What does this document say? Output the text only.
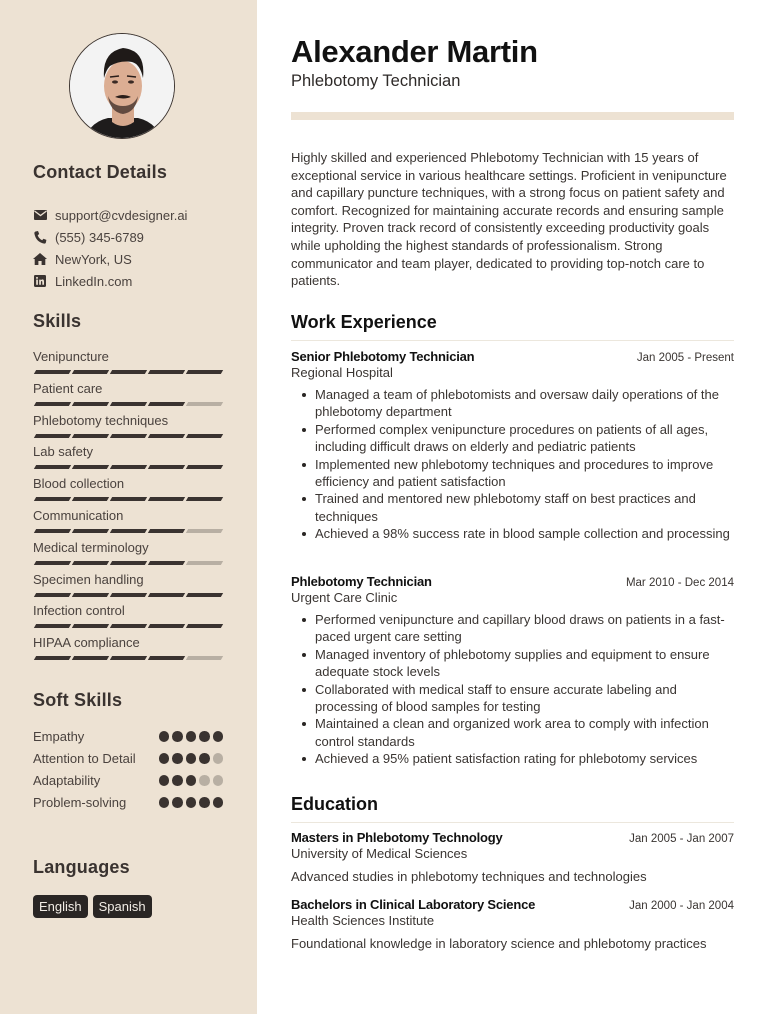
Contact Details
support@cvdesigner.ai
(555) 345-6789
NewYork, US
LinkedIn.com
Skills
Venipuncture
Patient care
Phlebotomy techniques
Lab safety
Blood collection
Communication
Medical terminology
Specimen handling
Infection control
HIPAA compliance
Soft Skills
Empathy
Attention to Detail
Adaptability
Problem-solving
Languages
English	Spanish
Alexander Martin
Phlebotomy Technician

Highly skilled and experienced Phlebotomy Technician with 15 years of exceptional service in various healthcare settings. Proficient in venipuncture and capillary puncture techniques, with a strong focus on patient safety and comfort. Recognized for maintaining accurate records and ensuring sample integrity. Proven track record of consistently exceeding productivity goals while upholding the highest standards of professionalism. Strong communicator and team player, dedicated to providing top-notch care to patients.

Work Experience
Senior Phlebotomy Technician	Jan 2005 - Present
Regional Hospital
Managed a team of phlebotomists and oversaw daily operations of the phlebotomy department
Performed complex venipuncture procedures on patients of all ages, including difficult draws on elderly and pediatric patients
Implemented new phlebotomy techniques and procedures to improve efficiency and patient satisfaction
Trained and mentored new phlebotomy staff on best practices and techniques
Achieved a 98% success rate in blood sample collection and processing
Phlebotomy Technician	Mar 2010 - Dec 2014
Urgent Care Clinic
Performed venipuncture and capillary blood draws on patients in a fast-paced urgent care setting
Managed inventory of phlebotomy supplies and equipment to ensure adequate stock levels
Collaborated with medical staff to ensure accurate labeling and processing of blood samples for testing
Maintained a clean and organized work area to comply with infection control standards
Achieved a 95% patient satisfaction rating for phlebotomy services
Education
Masters in Phlebotomy Technology	Jan 2005 - Jan 2007
University of Medical Sciences
Advanced studies in phlebotomy techniques and technologies
Bachelors in Clinical Laboratory Science	Jan 2000 - Jan 2004
Health Sciences Institute
Foundational knowledge in laboratory science and phlebotomy practices
